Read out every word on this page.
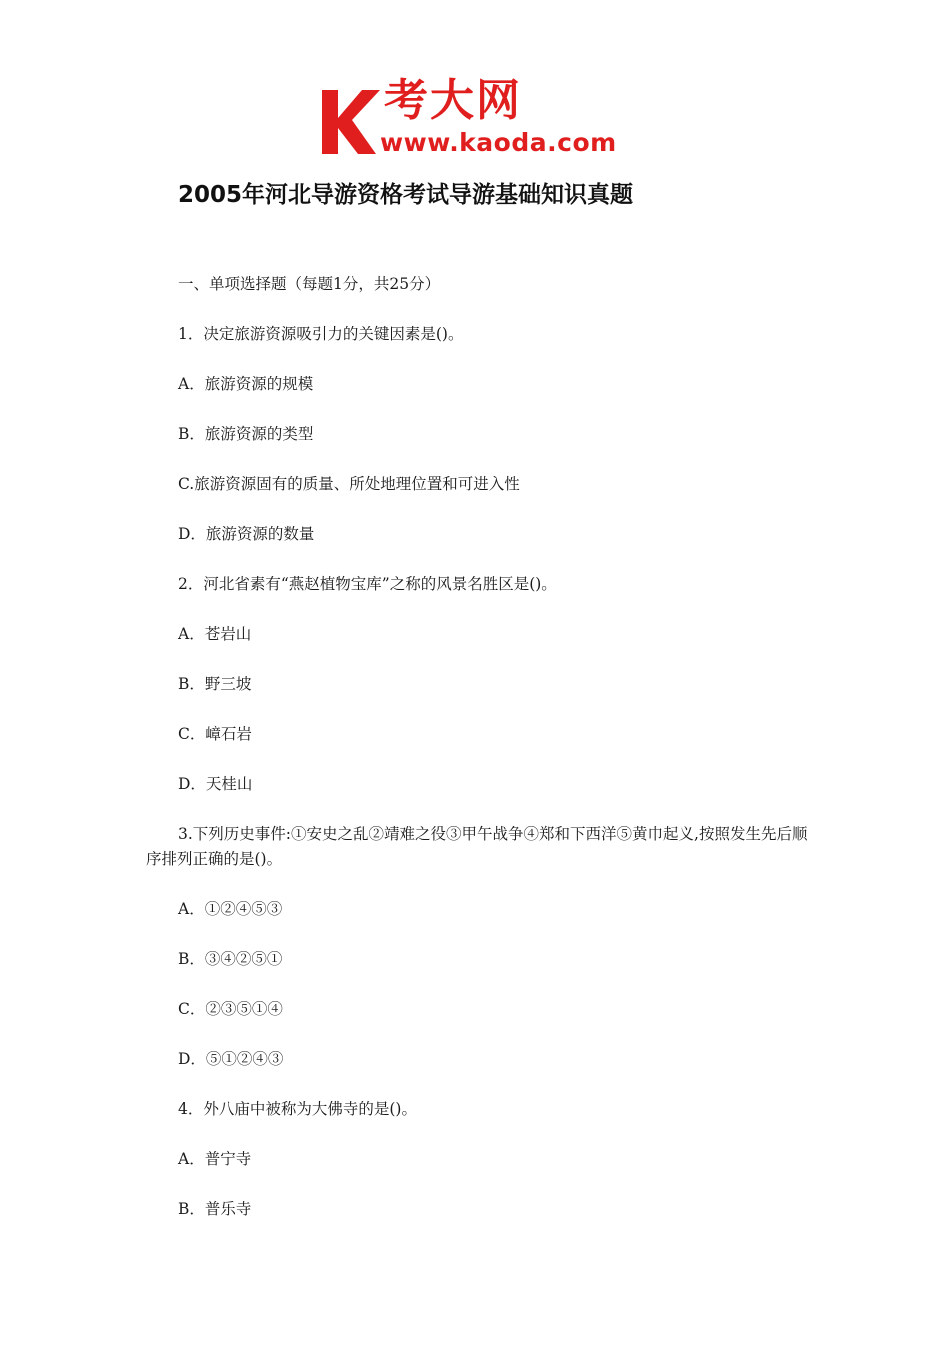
考大网
www.kaoda.com
2005年河北导游资格考试导游基础知识真题
一、单项选择题（每题1分，共25分）
1．决定旅游资源吸引力的关键因素是()。
A．旅游资源的规模
B．旅游资源的类型
C.旅游资源固有的质量、所处地理位置和可进入性
D．旅游资源的数量
2．河北省素有“燕赵植物宝库”之称的风景名胜区是()。
A．苍岩山
B．野三坡
C．嶂石岩
D．天桂山
3.下列历史事件:①安史之乱②靖难之役③甲午战争④郑和下西洋⑤黄巾起义,按照发生先后顺序排列正确的是()。
A．①②④⑤③
B．③④②⑤①
C．②③⑤①④
D．⑤①②④③
4．外八庙中被称为大佛寺的是()。
A．普宁寺
B．普乐寺
